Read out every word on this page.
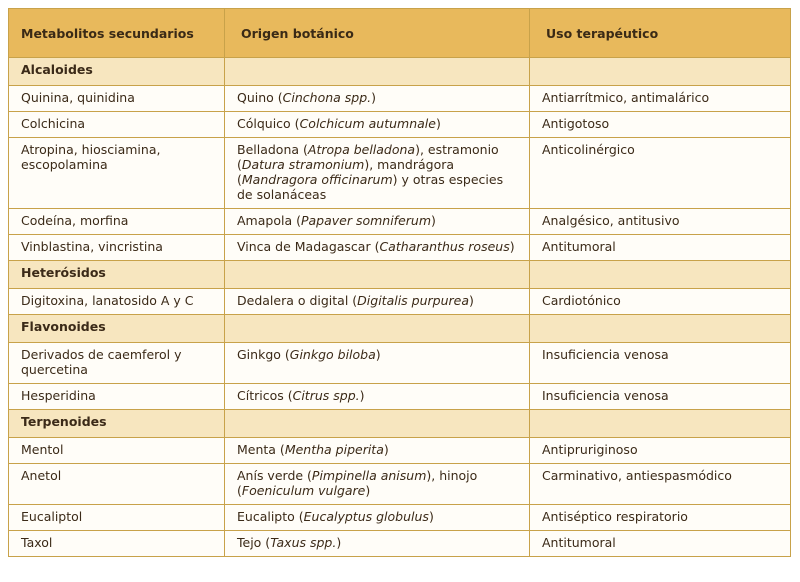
Metabolitos secundarios	Origen botánico	Uso terapéutico
Alcaloides		
Quinina, quinidina	Quino (Cinchona spp.)	Antiarrítmico, antimalárico
Colchicina	Cólquico (Colchicum autumnale)	Antigotoso
Atropina, hiosciamina, escopolamina	Belladona (Atropa belladona), estramonio (Datura stramonium), mandrágora (Mandragora officinarum) y otras especies de solanáceas	Anticolinérgico
Codeína, morfina	Amapola (Papaver somniferum)	Analgésico, antitusivo
Vinblastina, vincristina	Vinca de Madagascar (Catharanthus roseus)	Antitumoral
Heterósidos		
Digitoxina, lanatosido A y C	Dedalera o digital (Digitalis purpurea)	Cardiotónico
Flavonoides		
Derivados de caemferol y quercetina	Ginkgo (Ginkgo biloba)	Insuficiencia venosa
Hesperidina	Cítricos (Citrus spp.)	Insuficiencia venosa
Terpenoides		
Mentol	Menta (Mentha piperita)	Antipruriginoso
Anetol	Anís verde (Pimpinella anisum), hinojo (Foeniculum vulgare)	Carminativo, antiespasmódico
Eucaliptol	Eucalipto (Eucalyptus globulus)	Antiséptico respiratorio
Taxol	Tejo (Taxus spp.)	Antitumoral
